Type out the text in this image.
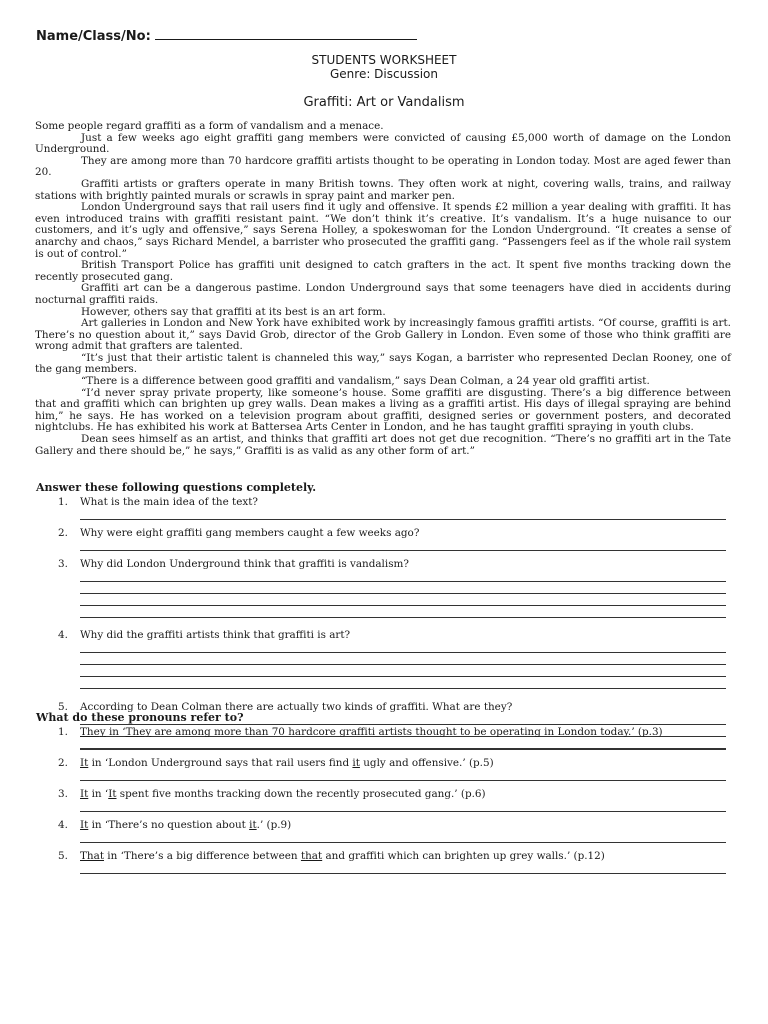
Name/Class/No:
STUDENTS WORKSHEET
Genre: Discussion
Graffiti: Art or Vandalism

Some people regard graffiti as a form of vandalism and a menace.

Just a few weeks ago eight graffiti gang members were convicted of causing £5,000 worth of damage on the London Underground.

They are among more than 70 hardcore graffiti artists thought to be operating in London today. Most are aged fewer than 20.

Graffiti artists or grafters operate in many British towns. They often work at night, covering walls, trains, and railway stations with brightly painted murals or scrawls in spray paint and marker pen.

London Underground says that rail users find it ugly and offensive. It spends £2 million a year dealing with graffiti. It has even introduced trains with graffiti resistant paint. “We don’t think it’s creative. It’s vandalism. It’s a huge nuisance to our customers, and it’s ugly and offensive,” says Serena Holley, a spokeswoman for the London Underground. “It creates a sense of anarchy and chaos,” says Richard Mendel, a barrister who prosecuted the graffiti gang. “Passengers feel as if the whole rail system is out of control.”

British Transport Police has graffiti unit designed to catch grafters in the act. It spent five months tracking down the recently prosecuted gang.

Graffiti art can be a dangerous pastime. London Underground says that some teenagers have died in accidents during nocturnal graffiti raids.

However, others say that graffiti at its best is an art form.

Art galleries in London and New York have exhibited work by increasingly famous graffiti artists. “Of course, graffiti is art. There’s no question about it,” says David Grob, director of the Grob Gallery in London. Even some of those who think graffiti are wrong admit that grafters are talented.

“It’s just that their artistic talent is channeled this way,” says Kogan, a barrister who represented Declan Rooney, one of the gang members.

“There is a difference between good graffiti and vandalism,” says Dean Colman, a 24 year old graffiti artist.

“I’d never spray private property, like someone’s house. Some graffiti are disgusting. There’s a big difference between that and graffiti which can brighten up grey walls. Dean makes a living as a graffiti artist. His days of illegal spraying are behind him,” he says. He has worked on a television program about graffiti, designed series or government posters, and decorated nightclubs. He has exhibited his work at Battersea Arts Center in London, and he has taught graffiti spraying in youth clubs.

Dean sees himself as an artist, and thinks that graffiti art does not get due recognition. “There’s no graffiti art in the Tate Gallery and there should be,” he says,” Graffiti is as valid as any other form of art.”

Answer these following questions completely.
1. What is the main idea of the text?
2. Why were eight graffiti gang members caught a few weeks ago?
3. Why did London Underground think that graffiti is vandalism?
4. Why did the graffiti artists think that graffiti is art?
5. According to Dean Colman there are actually two kinds of graffiti. What are they?
What do these pronouns refer to?
1. They in ‘They are among more than 70 hardcore graffiti artists thought to be operating in London today.’ (p.3)
2. It in ‘London Underground says that rail users find it ugly and offensive.’ (p.5)
3. It in ‘It spent five months tracking down the recently prosecuted gang.’ (p.6)
4. It in ‘There’s no question about it.’ (p.9)
5. That in ‘There’s a big difference between that and graffiti which can brighten up grey walls.’ (p.12)
